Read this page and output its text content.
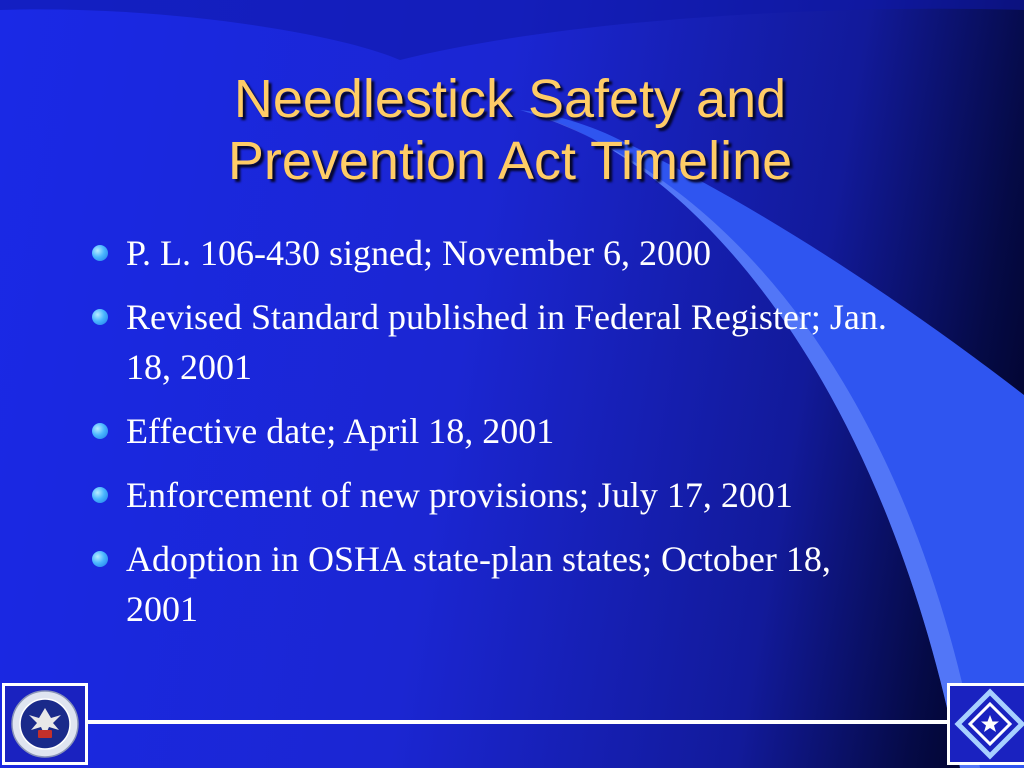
Needlestick Safety and
Prevention Act Timeline
P. L. 106-430 signed; November 6, 2000
Revised Standard published in Federal Register; Jan. 18, 2001
Effective date; April 18, 2001
Enforcement of new provisions; July 17, 2001
Adoption in OSHA state-plan states; October 18, 2001
